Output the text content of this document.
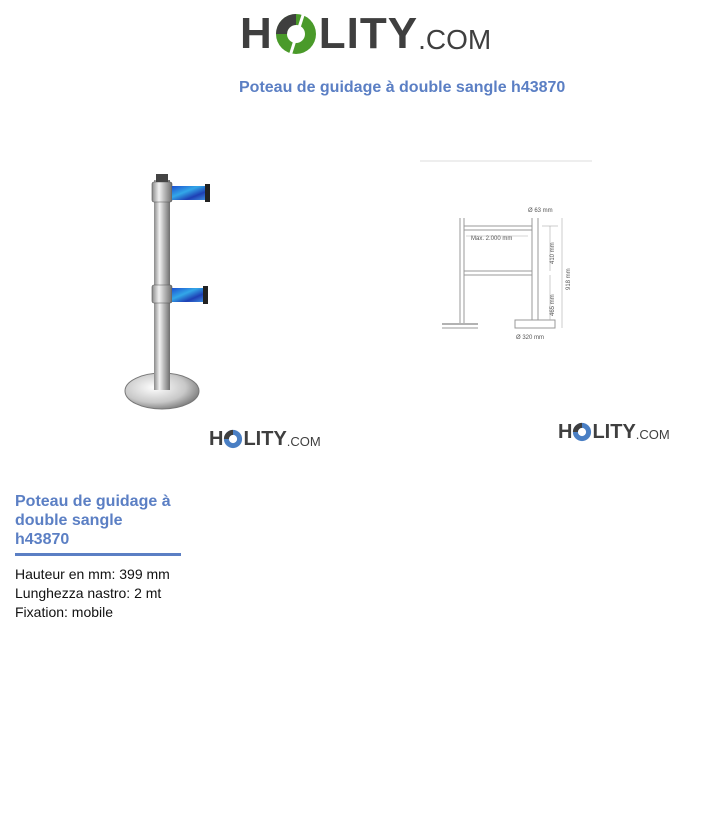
H LITY .COM
Poteau de guidage à double sangle h43870
Max. 2.000 mm
Ø 63 mm
410 mm
465 mm
918 mm
Ø 320 mm
H LITY .COM	H LITY .COM
Poteau de guidage à double sangle h43870
Hauteur en mm: 399 mm
Lunghezza nastro: 2 mt
Fixation: mobile
